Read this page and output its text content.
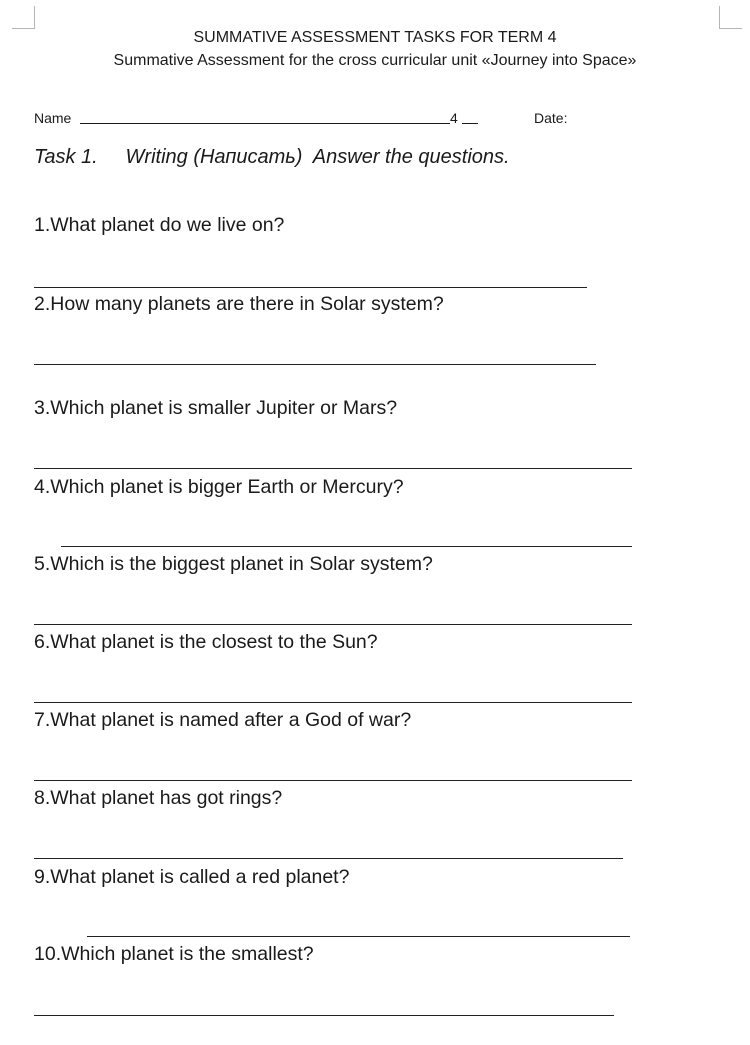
SUMMATIVE ASSESSMENT TASKS FOR TERM 4
Summative Assessment for the cross curricular unit «Journey into Space»
Name	4	Date:
Task 1. Writing (Написать)  Answer the questions.
1.What planet do we live on?
2.How many planets are there in Solar system?
3.Which planet is smaller Jupiter or Mars?
4.Which planet is bigger Earth or Mercury?
5.Which is the biggest planet in Solar system?
6.What planet is the closest to the Sun?
7.What planet is named after a God of war?
8.What planet has got rings?
9.What planet is called a red planet?
10.Which planet is the smallest?
